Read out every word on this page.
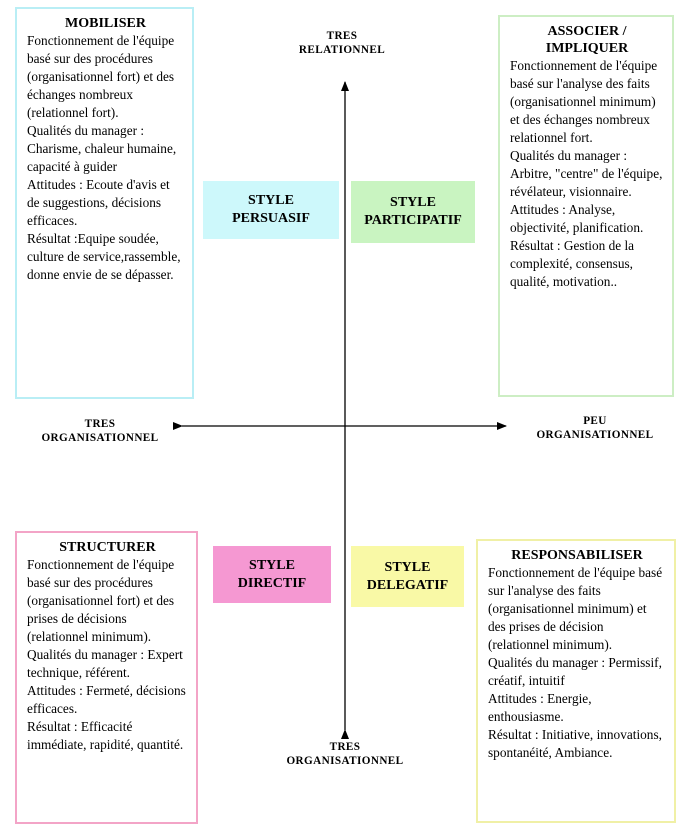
TRES
RELATIONNEL
TRES
ORGANISATIONNEL
TRES
ORGANISATIONNEL
PEU
ORGANISATIONNEL
STYLE
PERSUASIF
STYLE
PARTICIPATIF
STYLE
DIRECTIF
STYLE
DELEGATIF
MOBILISER

Fonctionnement de l'équipe basé sur des procédures (organisationnel fort) et des échanges nombreux (relationnel fort).

Qualités du manager : Charisme, chaleur humaine, capacité à guider

Attitudes : Ecoute d'avis et de suggestions, décisions efficaces.

Résultat :Equipe soudée, culture de service,rassemble, donne envie de se dépasser.

ASSOCIER / IMPLIQUER

Fonctionnement de l'équipe basé sur l'analyse des faits (organisationnel minimum) et des échanges nombreux relationnel fort.

Qualités du manager : Arbitre, "centre" de l'équipe, révélateur, visionnaire.

Attitudes : Analyse, objectivité, planification.

Résultat : Gestion de la complexité, consensus, qualité, motivation..

STRUCTURER

Fonctionnement de l'équipe basé sur des procédures (organisationnel fort) et des prises de décisions (relationnel minimum).

Qualités du manager : Expert technique, référent.

Attitudes : Fermeté, décisions efficaces.

Résultat : Efficacité immédiate, rapidité, quantité.

RESPONSABILISER

Fonctionnement de l'équipe basé sur l'analyse des faits (organisationnel minimum) et des prises de décision (relationnel minimum).

Qualités du manager : Permissif, créatif, intuitif

Attitudes : Energie, enthousiasme.

Résultat : Initiative, innovations, spontanéité, Ambiance.
